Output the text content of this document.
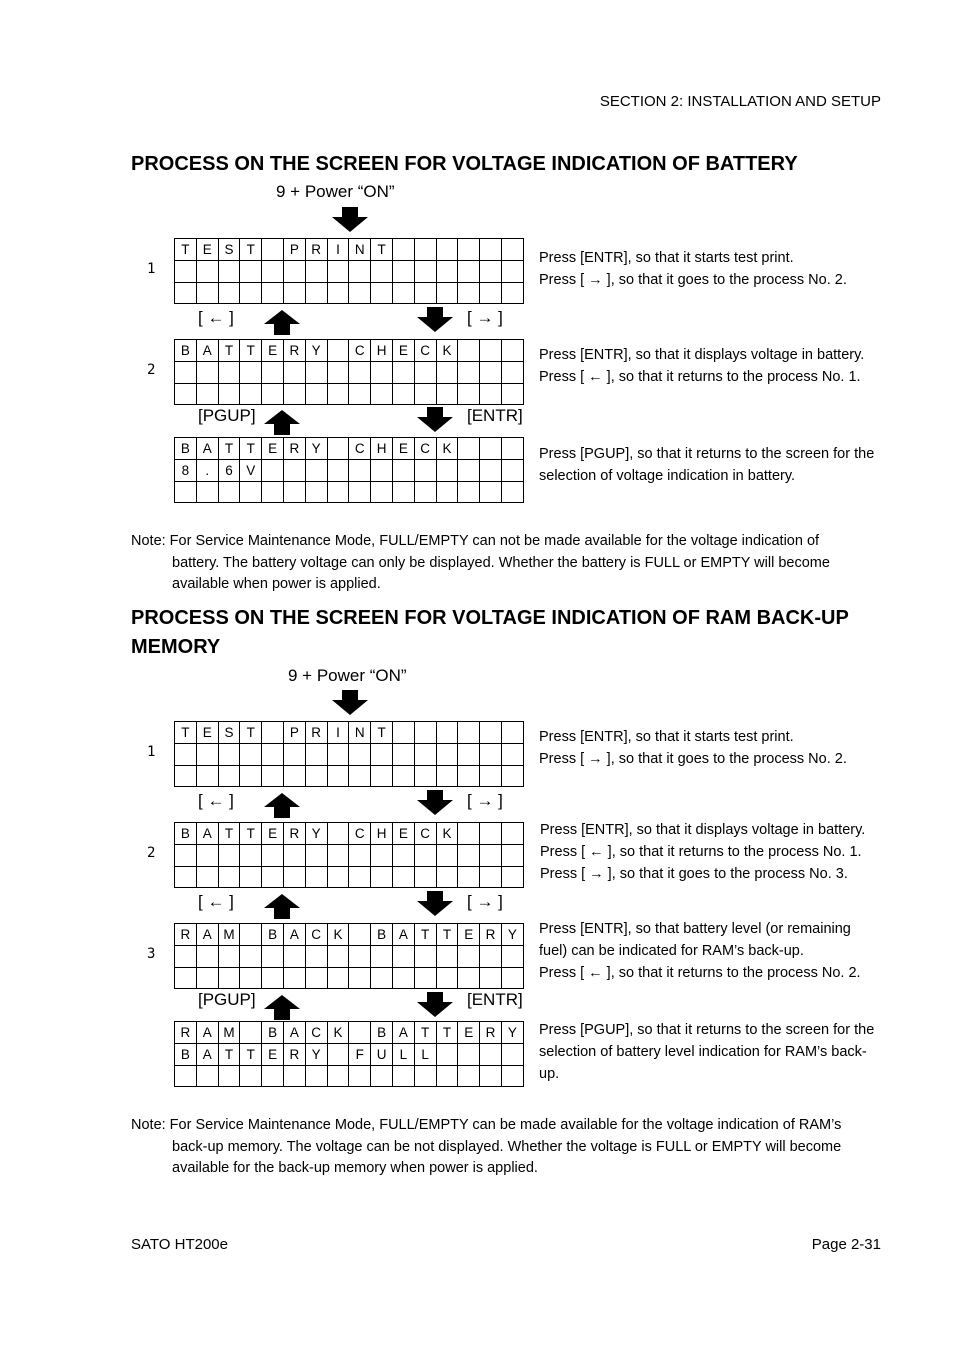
SECTION 2: INSTALLATION AND SETUP
PROCESS ON THE SCREEN FOR VOLTAGE INDICATION OF BATTERY
9 + Power “ON”
1
T	E	S	T		P	R	I	N	T						

[ ← ]	[ → ]
2
B	A	T	T	E	R	Y		C	H	E	C	K			

[PGUP]	[ENTR]
B	A	T	T	E	R	Y		C	H	E	C	K			
8	.	6	V												

Press [ENTR], so that it starts test print.
Press [ → ], so that it goes to the process No. 2.
Press [ENTR], so that it displays voltage in battery.
Press [ ← ], so that it returns to the process No. 1.
Press [PGUP], so that it returns to the screen for the
selection of voltage indication in battery.
Note: For Service Maintenance Mode, FULL/EMPTY can not be made available for the voltage indication of
battery. The battery voltage can only be displayed. Whether the battery is FULL or EMPTY will become
available when power is applied.
PROCESS ON THE SCREEN FOR VOLTAGE INDICATION OF RAM BACK-UP
MEMORY
9 + Power “ON”
1
T	E	S	T		P	R	I	N	T						

[ ← ]	[ → ]
2
B	A	T	T	E	R	Y		C	H	E	C	K			

[ ← ]	[ → ]
3
R	A	M		B	A	C	K		B	A	T	T	E	R	Y

[PGUP]	[ENTR]
R	A	M		B	A	C	K		B	A	T	T	E	R	Y
B	A	T	T	E	R	Y		F	U	L	L				

Press [ENTR], so that it starts test print.
Press [ → ], so that it goes to the process No. 2.
Press [ENTR], so that it displays voltage in battery.
Press [ ← ], so that it returns to the process No. 1.
Press [ → ], so that it goes to the process No. 3.
Press [ENTR], so that battery level (or remaining
fuel) can be indicated for RAM’s back-up.
Press [ ← ], so that it returns to the process No. 2.
Press [PGUP], so that it returns to the screen for the
selection of battery level indication for RAM’s back-
up.
Note: For Service Maintenance Mode, FULL/EMPTY can be made available for the voltage indication of RAM’s
back-up memory. The voltage can be not displayed. Whether the voltage is FULL or EMPTY will become
available for the back-up memory when power is applied.
SATO HT200e	Page 2-31
